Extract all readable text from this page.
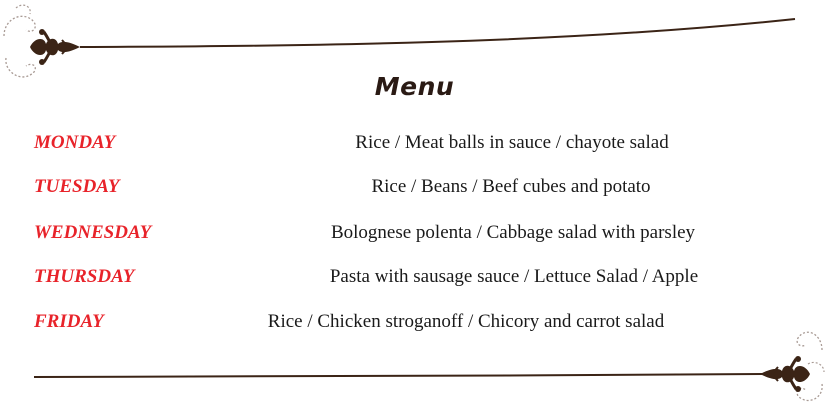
Menu
MONDAY	Rice / Meat balls in sauce / chayote salad
TUESDAY	Rice / Beans / Beef cubes and potato
WEDNESDAY	Bolognese polenta / Cabbage salad with parsley
THURSDAY	Pasta with sausage sauce / Lettuce Salad / Apple
FRIDAY	Rice / Chicken stroganoff / Chicory and carrot salad
